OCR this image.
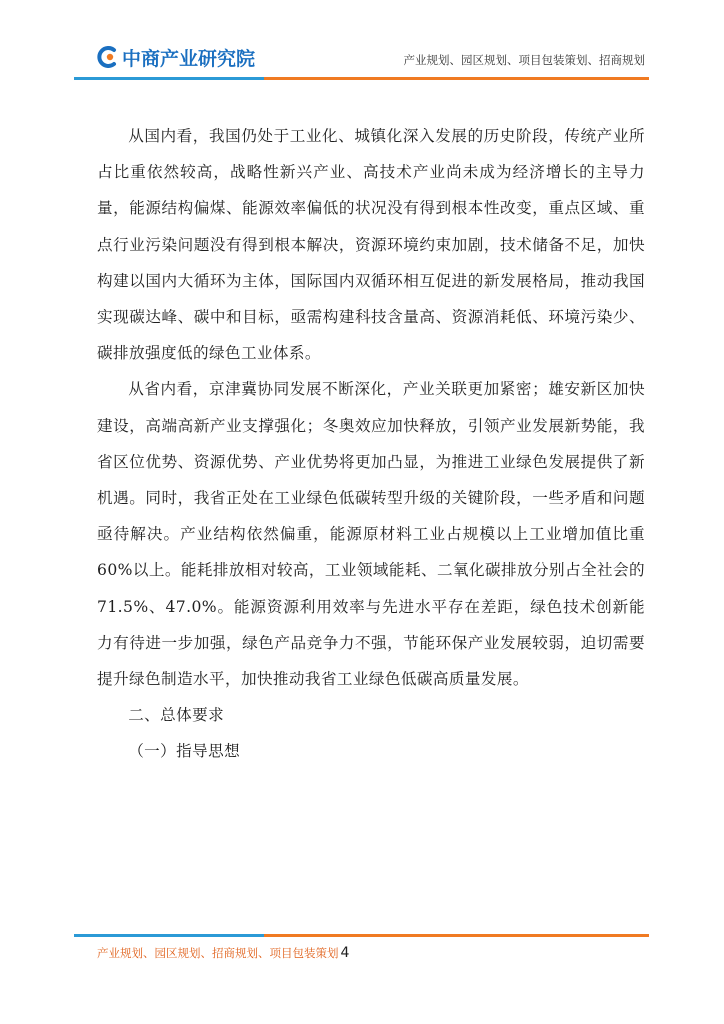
中商产业研究院	产业规划、园区规划、项目包装策划、招商规划

从国内看，我国仍处于工业化、城镇化深入发展的历史阶段，传统产业所占比重依然较高，战略性新兴产业、高技术产业尚未成为经济增长的主导力量，能源结构偏煤、能源效率偏低的状况没有得到根本性改变，重点区域、重点行业污染问题没有得到根本解决，资源环境约束加剧，技术储备不足，加快构建以国内大循环为主体，国际国内双循环相互促进的新发展格局，推动我国实现碳达峰、碳中和目标，亟需构建科技含量高、资源消耗低、环境污染少、碳排放强度低的绿色工业体系。

从省内看，京津冀协同发展不断深化，产业关联更加紧密；雄安新区加快建设，高端高新产业支撑强化；冬奥效应加快释放，引领产业发展新势能，我省区位优势、资源优势、产业优势将更加凸显，为推进工业绿色发展提供了新机遇。同时，我省正处在工业绿色低碳转型升级的关键阶段，一些矛盾和问题亟待解决。产业结构依然偏重，能源原材料工业占规模以上工业增加值比重60%以上。能耗排放相对较高，工业领域能耗、二氧化碳排放分别占全社会的71.5%、47.0%。能源资源利用效率与先进水平存在差距，绿色技术创新能力有待进一步加强，绿色产品竞争力不强，节能环保产业发展较弱，迫切需要提升绿色制造水平，加快推动我省工业绿色低碳高质量发展。

二、总体要求

（一）指导思想

产业规划、园区规划、招商规划、项目包装策划 4
